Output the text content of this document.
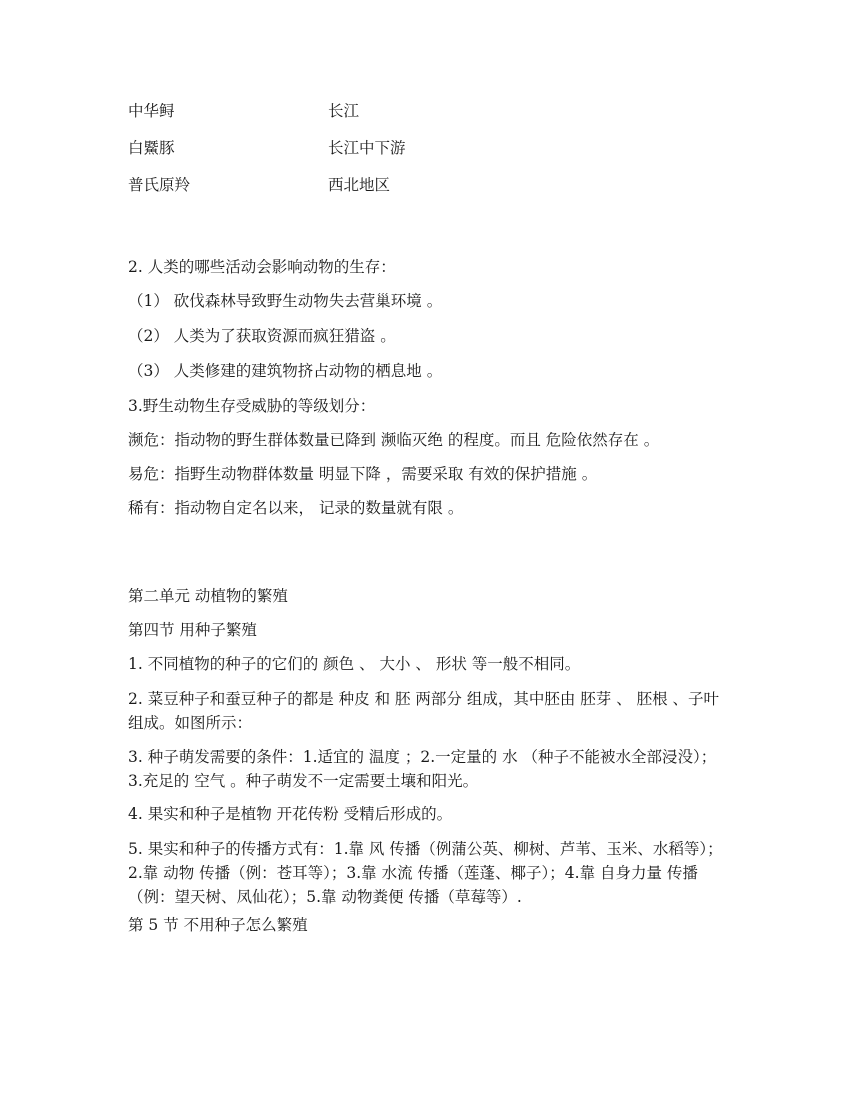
中华鲟	长江
白鱀豚	长江中下游
普氏原羚	西北地区
2. 人类的哪些活动会影响动物的生存：
（1） 砍伐森林导致野生动物失去营巢环境 。
（2） 人类为了获取资源而疯狂猎盗 。
（3） 人类修建的建筑物挤占动物的栖息地 。
3.野生动物生存受威胁的等级划分：
濒危：指动物的野生群体数量已降到 濒临灭绝 的程度。而且 危险依然存在 。
易危：指野生动物群体数量 明显下降 ，需要采取 有效的保护措施 。
稀有：指动物自定名以来， 记录的数量就有限 。
第二单元 动植物的繁殖
第四节 用种子繁殖
1. 不同植物的种子的它们的 颜色 、 大小 、 形状 等一般不相同。
2. 菜豆种子和蚕豆种子的都是 种皮 和 胚 两部分 组成，其中胚由 胚芽 、 胚根 、子叶 组成。如图所示：
3. 种子萌发需要的条件：1.适宜的 温度 ；2.一定量的 水 （种子不能被水全部浸没）；3.充足的 空气 。种子萌发不一定需要土壤和阳光。
4. 果实和种子是植物 开花传粉 受精后形成的。
5. 果实和种子的传播方式有：1.靠 风 传播（例蒲公英、柳树、芦苇、玉米、水稻等）；2.靠 动物 传播（例：苍耳等）；3.靠 水流 传播（莲蓬、椰子）；4.靠 自身力量 传播（例：望天树、凤仙花）；5.靠 动物粪便 传播（草莓等）.
第 5 节 不用种子怎么繁殖
